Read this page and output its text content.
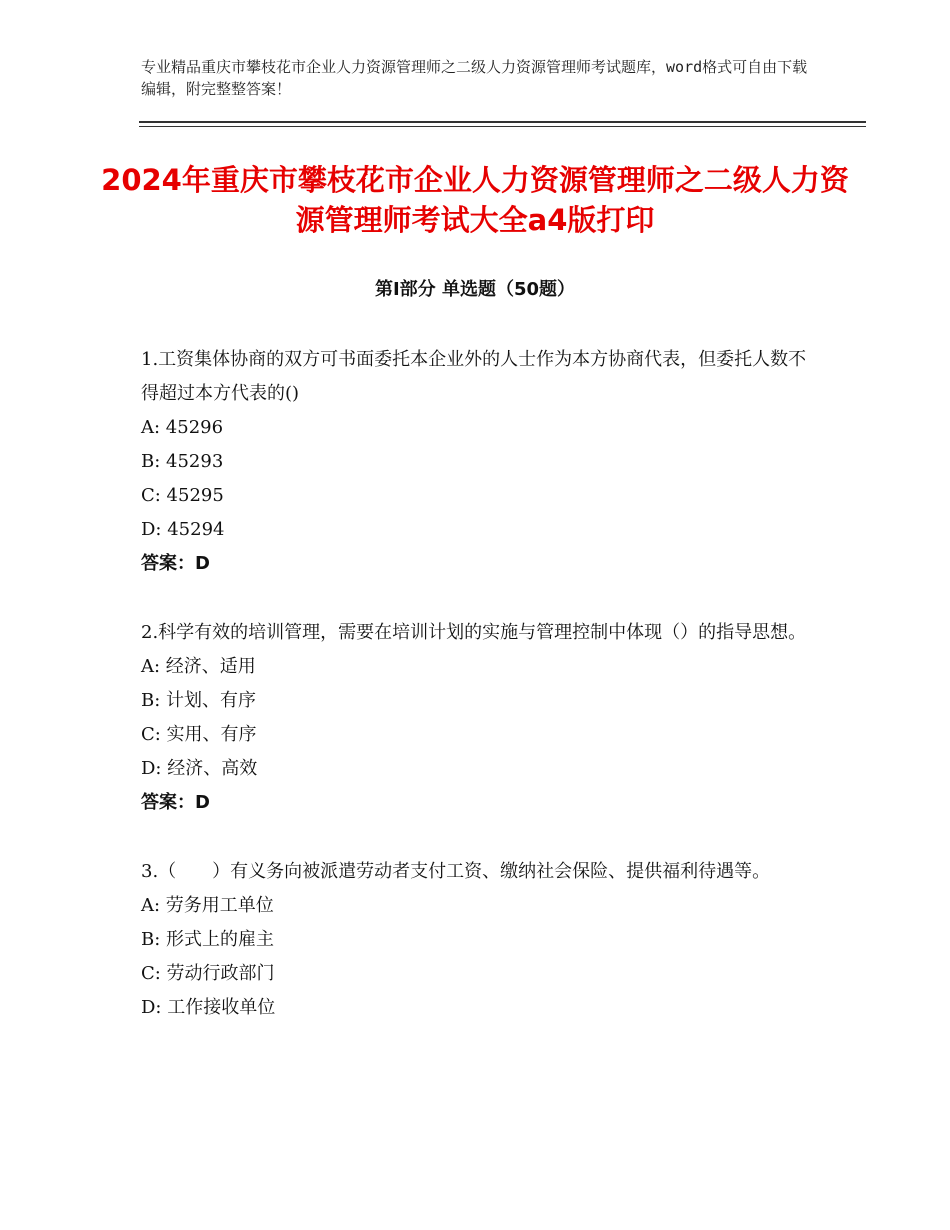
专业精品重庆市攀枝花市企业人力资源管理师之二级人力资源管理师考试题库，word格式可自由下载编辑，附完整整答案！
2024年重庆市攀枝花市企业人力资源管理师之二级人力资源管理师考试大全a4版打印
第Ⅰ部分 单选题（50题）

1.工资集体协商的双方可书面委托本企业外的人士作为本方协商代表，但委托人数不得超过本方代表的()

A: 45296

B: 45293

C: 45295

D: 45294

答案：D

2.科学有效的培训管理，需要在培训计划的实施与管理控制中体现（）的指导思想。

A: 经济、适用

B: 计划、有序

C: 实用、有序

D: 经济、高效

答案：D

3.（　　）有义务向被派遣劳动者支付工资、缴纳社会保险、提供福利待遇等。

A: 劳务用工单位

B: 形式上的雇主

C: 劳动行政部门

D: 工作接收单位
